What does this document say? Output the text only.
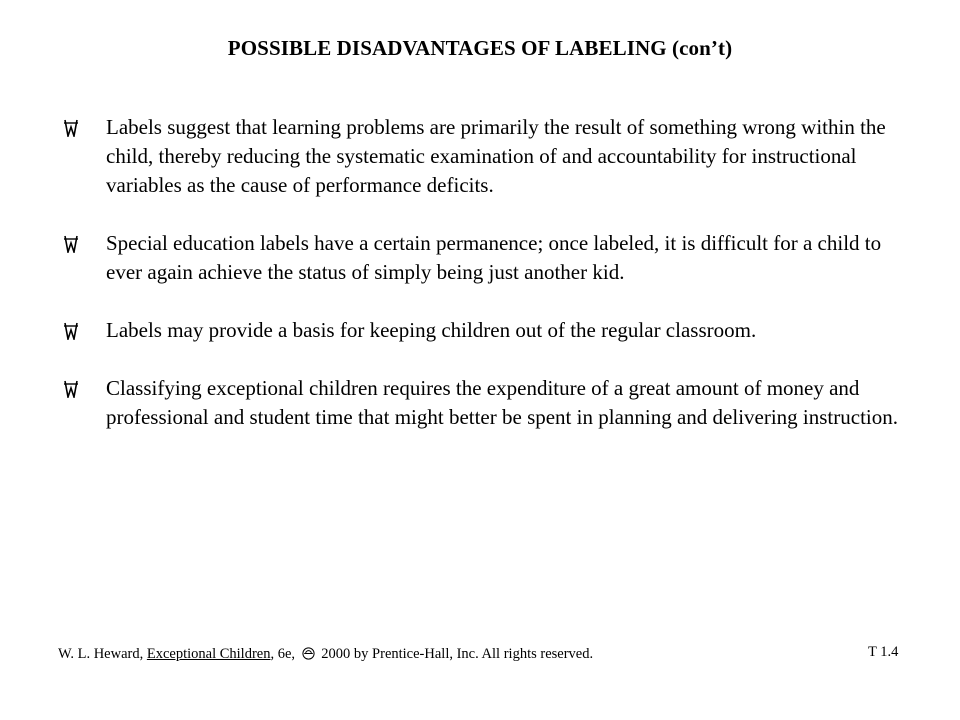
POSSIBLE DISADVANTAGES OF LABELING (con’t)
Labels suggest that learning problems are primarily the result of something wrong within the child, thereby reducing the systematic examination of and accountability for instructional variables as the cause of performance deficits.
Special education labels have a certain permanence; once labeled, it is difficult for a child to ever again achieve the status of simply being just another kid.
Labels may provide a basis for keeping children out of the regular classroom.
Classifying exceptional children requires the expenditure of a great amount of money and professional and student time that might better be spent in planning and delivering instruction.
W. L. Heward, Exceptional Children, 6e, 2000 by Prentice-Hall, Inc. All rights reserved.	T 1.4
